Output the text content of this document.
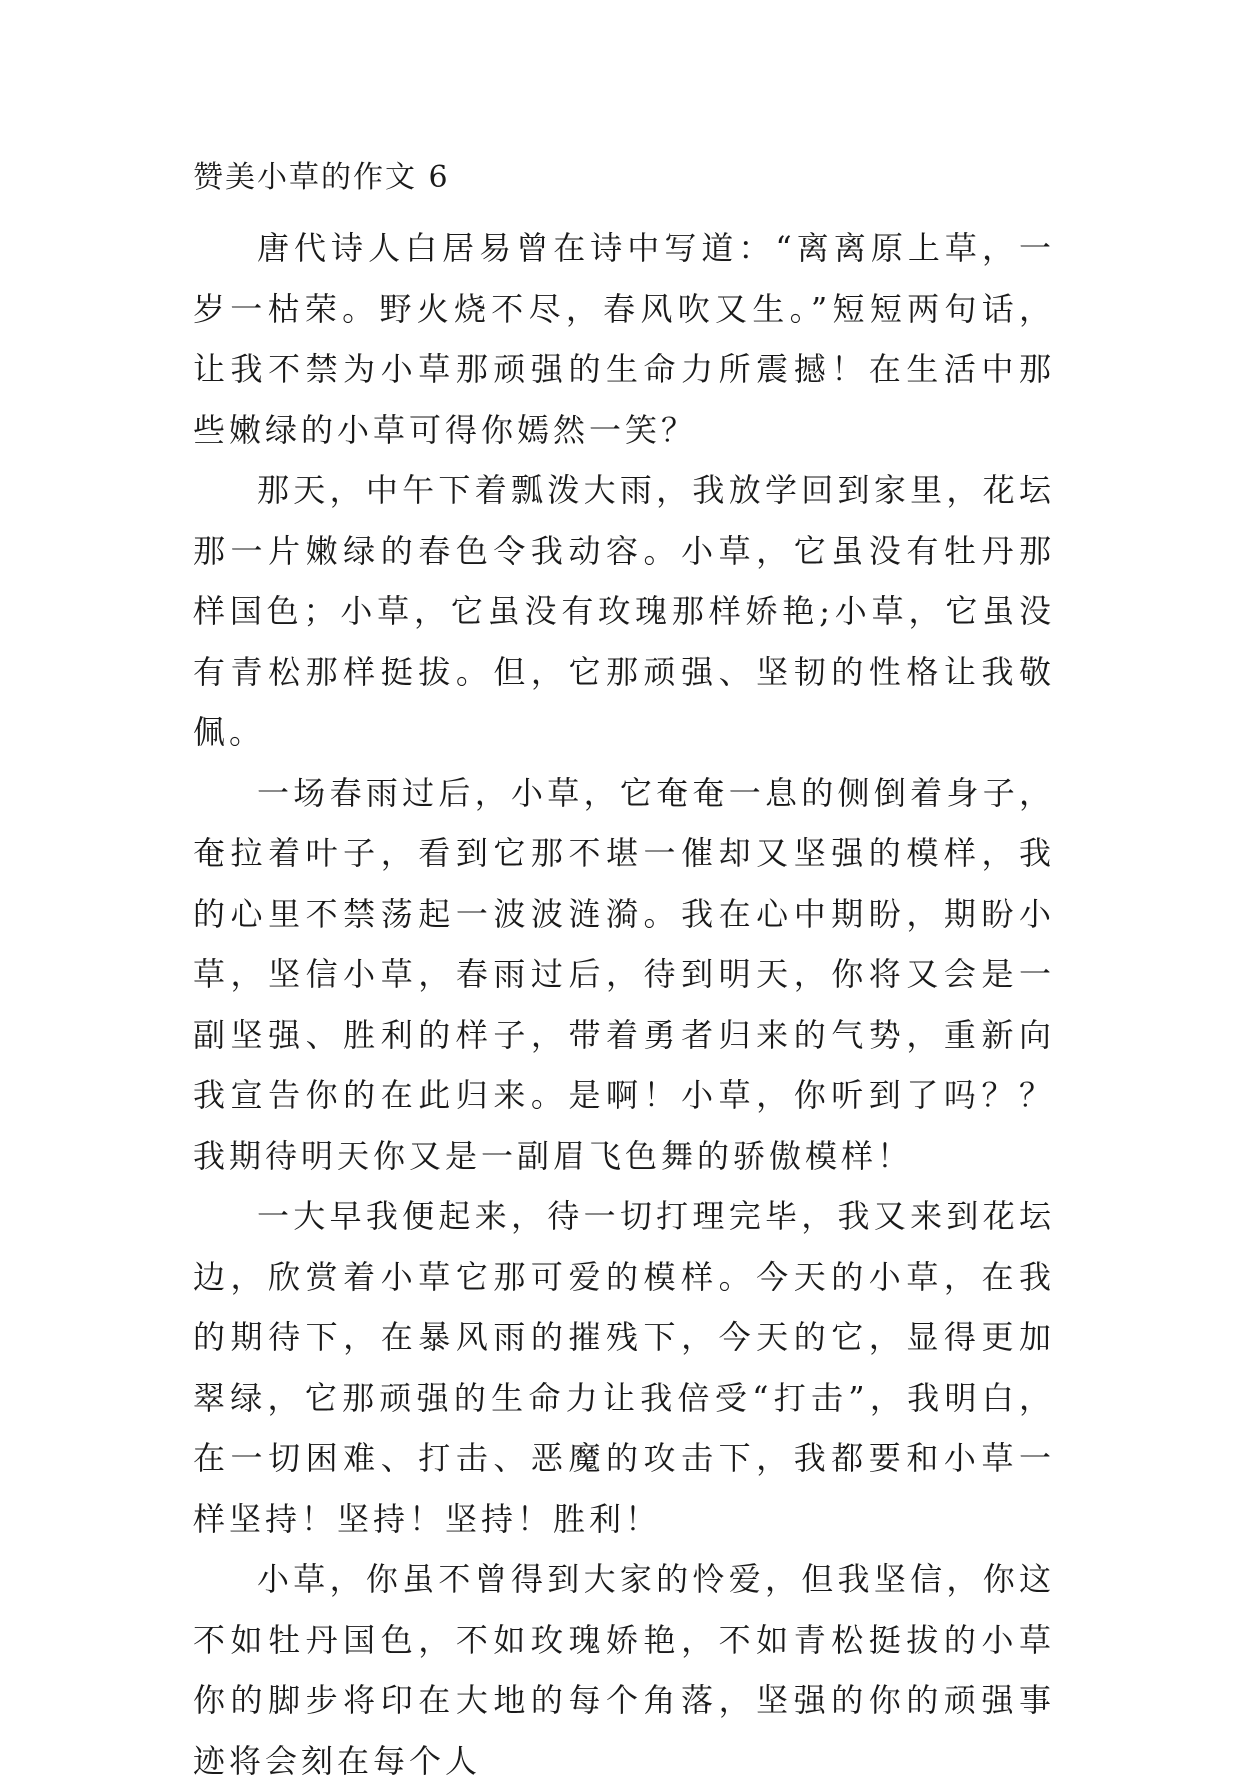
赞美小草的作文 6

唐代诗人白居易曾在诗中写道：“离离原上草，一岁一枯荣。野火烧不尽，春风吹又生。”短短两句话，让我不禁为小草那顽强的生命力所震撼！在生活中那些嫩绿的小草可得你嫣然一笑？

那天，中午下着瓢泼大雨，我放学回到家里，花坛那一片嫩绿的春色令我动容。小草，它虽没有牡丹那样国色；小草，它虽没有玫瑰那样娇艳;小草，它虽没有青松那样挺拔。但，它那顽强、坚韧的性格让我敬佩。

一场春雨过后，小草，它奄奄一息的侧倒着身子，奄拉着叶子，看到它那不堪一催却又坚强的模样，我的心里不禁荡起一波波涟漪。我在心中期盼，期盼小草，坚信小草，春雨过后，待到明天，你将又会是一副坚强、胜利的样子，带着勇者归来的气势，重新向我宣告你的在此归来。是啊！小草，你听到了吗？？我期待明天你又是一副眉飞色舞的骄傲模样！

一大早我便起来，待一切打理完毕，我又来到花坛边，欣赏着小草它那可爱的模样。今天的小草，在我的期待下，在暴风雨的摧残下，今天的它，显得更加翠绿，它那顽强的生命力让我倍受“打击”，我明白，在一切困难、打击、恶魔的攻击下，我都要和小草一样坚持！坚持！坚持！胜利！

小草，你虽不曾得到大家的怜爱，但我坚信，你这不如牡丹国色，不如玫瑰娇艳，不如青松挺拔的小草你的脚步将印在大地的每个角落，坚强的你的顽强事迹将会刻在每个人
